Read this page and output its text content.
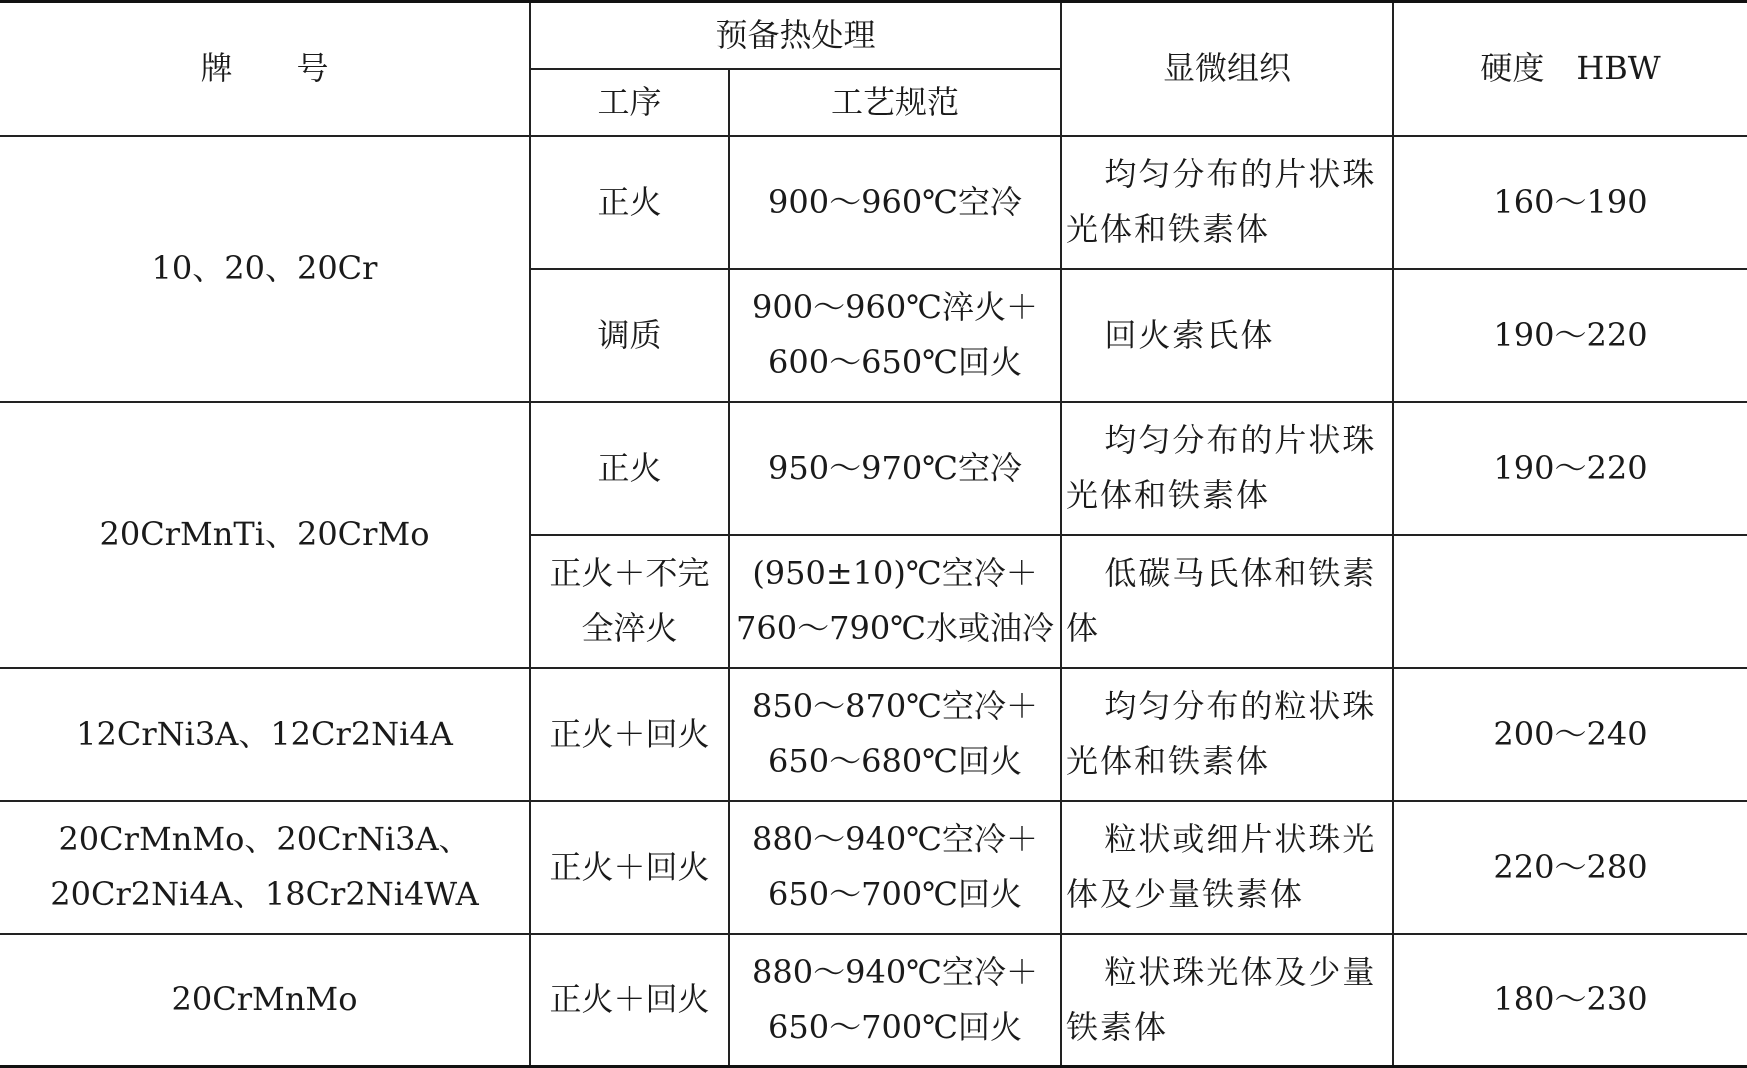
牌　　号	预备热处理		显微组织	硬度　HBW
	工序	工艺规范		
10、20、20Cr	正火	900～960℃空冷	均匀分布的片状珠光体和铁素体	160～190
	调质	900～960℃淬火＋600～650℃回火	回火索氏体	190～220
20CrMnTi、20CrMo	正火	950～970℃空冷	均匀分布的片状珠光体和铁素体	190～220
	正火＋不完全淬火	(950±10)℃空冷＋760～790℃水或油冷	低碳马氏体和铁素体	
12CrNi3A、12Cr2Ni4A	正火＋回火	850～870℃空冷＋650～680℃回火	均匀分布的粒状珠光体和铁素体	200～240
20CrMnMo、20CrNi3A、20Cr2Ni4A、18Cr2Ni4WA	正火＋回火	880～940℃空冷＋650～700℃回火	粒状或细片状珠光体及少量铁素体	220～280
20CrMnMo	正火＋回火	880～940℃空冷＋650～700℃回火	粒状珠光体及少量铁素体	180～230
